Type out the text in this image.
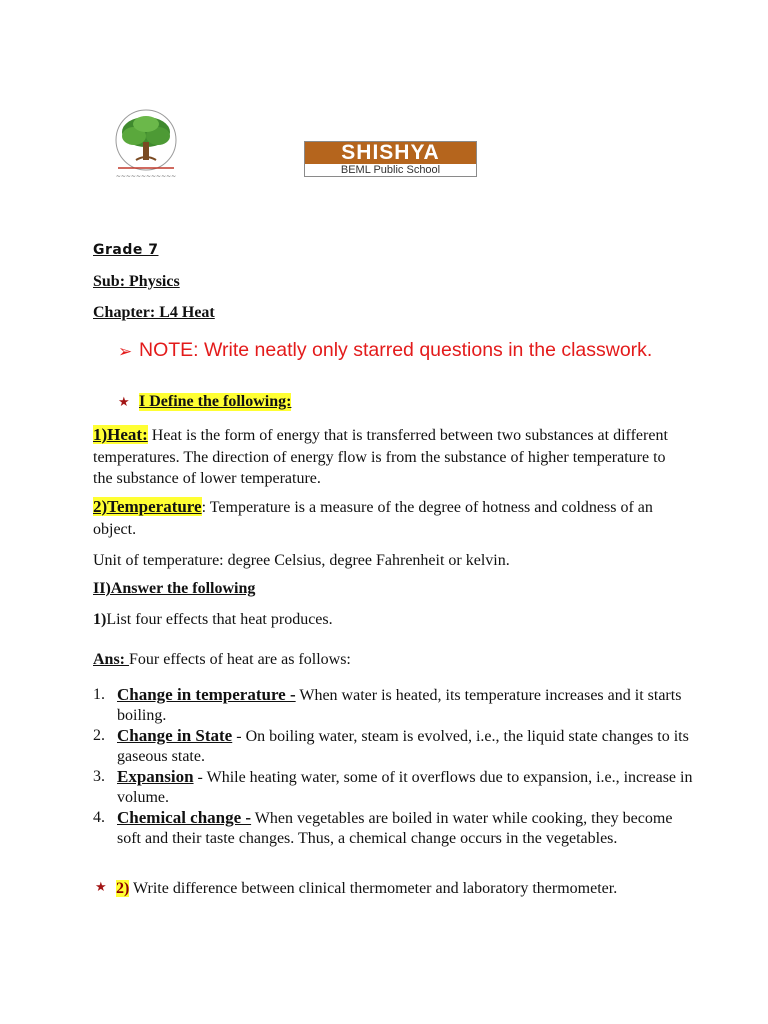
~~~~~~~~~~~~
SHISHYA
BEML Public School
Grade 7
Sub: Physics
Chapter: L4 Heat
➢ NOTE: Write neatly only starred questions in the classwork.
★ I Define the following:
1)Heat: Heat is the form of energy that is transferred between two substances at different temperatures. The direction of energy flow is from the substance of higher temperature to the substance of lower temperature.
2)Temperature: Temperature is a measure of the degree of hotness and coldness of an object.
Unit of temperature: degree Celsius, degree Fahrenheit or kelvin.
II)Answer the following
1)List four effects that heat produces.
Ans: Four effects of heat are as follows:
1. Change in temperature - When water is heated, its temperature increases and it starts boiling.
2. Change in State - On boiling water, steam is evolved, i.e., the liquid state changes to its gaseous state.
3. Expansion - While heating water, some of it overflows due to expansion, i.e., increase in volume.
4. Chemical change - When vegetables are boiled in water while cooking, they become soft and their taste changes. Thus, a chemical change occurs in the vegetables.
★ 2) Write difference between clinical thermometer and laboratory thermometer.
